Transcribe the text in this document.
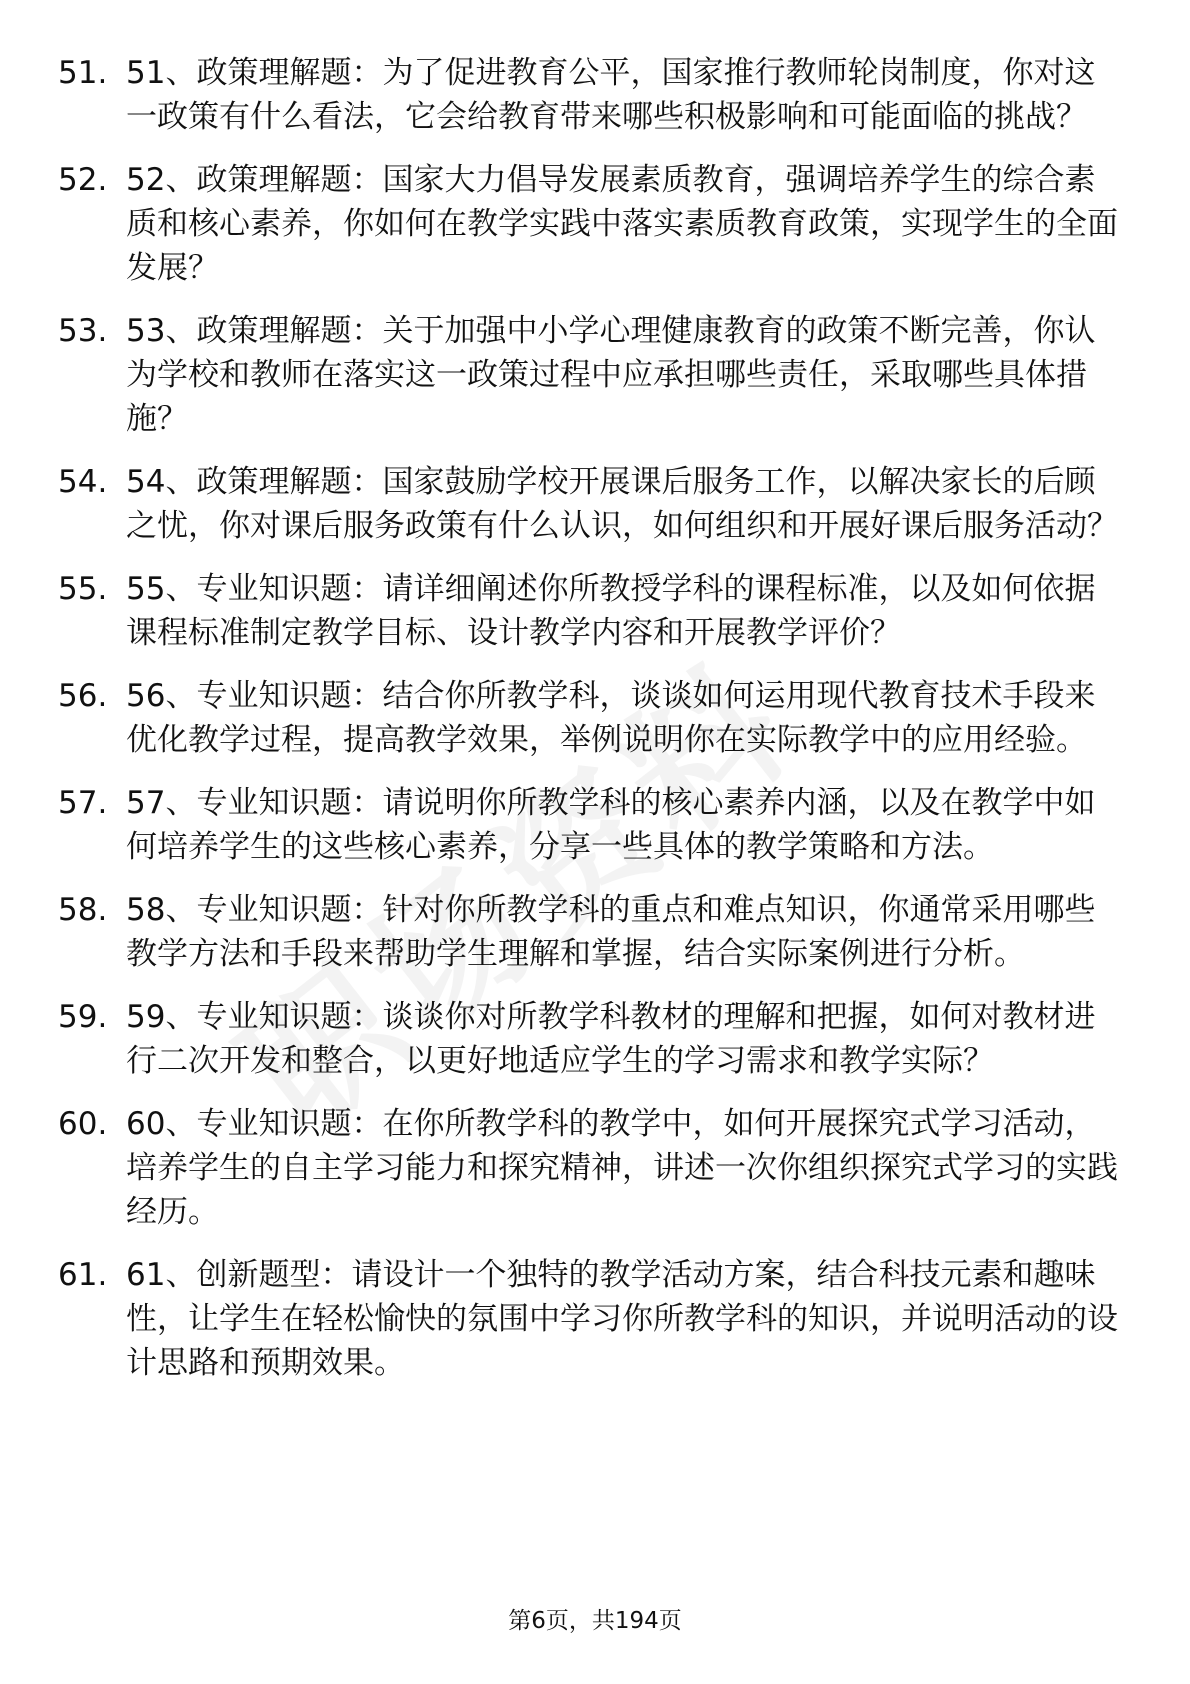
51. 51、政策理解题：为了促进教育公平，国家推行教师轮岗制度，你对这一政策有什么看法，它会给教育带来哪些积极影响和可能面临的挑战？
52. 52、政策理解题：国家大力倡导发展素质教育，强调培养学生的综合素质和核心素养，你如何在教学实践中落实素质教育政策，实现学生的全面发展？
53. 53、政策理解题：关于加强中小学心理健康教育的政策不断完善，你认为学校和教师在落实这一政策过程中应承担哪些责任，采取哪些具体措施？
54. 54、政策理解题：国家鼓励学校开展课后服务工作，以解决家长的后顾之忧，你对课后服务政策有什么认识，如何组织和开展好课后服务活动？
55. 55、专业知识题：请详细阐述你所教授学科的课程标准，以及如何依据课程标准制定教学目标、设计教学内容和开展教学评价？
56. 56、专业知识题：结合你所教学科，谈谈如何运用现代教育技术手段来优化教学过程，提高教学效果，举例说明你在实际教学中的应用经验。
57. 57、专业知识题：请说明你所教学科的核心素养内涵，以及在教学中如何培养学生的这些核心素养，分享一些具体的教学策略和方法。
58. 58、专业知识题：针对你所教学科的重点和难点知识，你通常采用哪些教学方法和手段来帮助学生理解和掌握，结合实际案例进行分析。
59. 59、专业知识题：谈谈你对所教学科教材的理解和把握，如何对教材进行二次开发和整合，以更好地适应学生的学习需求和教学实际？
60. 60、专业知识题：在你所教学科的教学中，如何开展探究式学习活动，培养学生的自主学习能力和探究精神，讲述一次你组织探究式学习的实践经历。
61. 61、创新题型：请设计一个独特的教学活动方案，结合科技元素和趣味性，让学生在轻松愉快的氛围中学习你所教学科的知识，并说明活动的设计思路和预期效果。
第6页，共194页
